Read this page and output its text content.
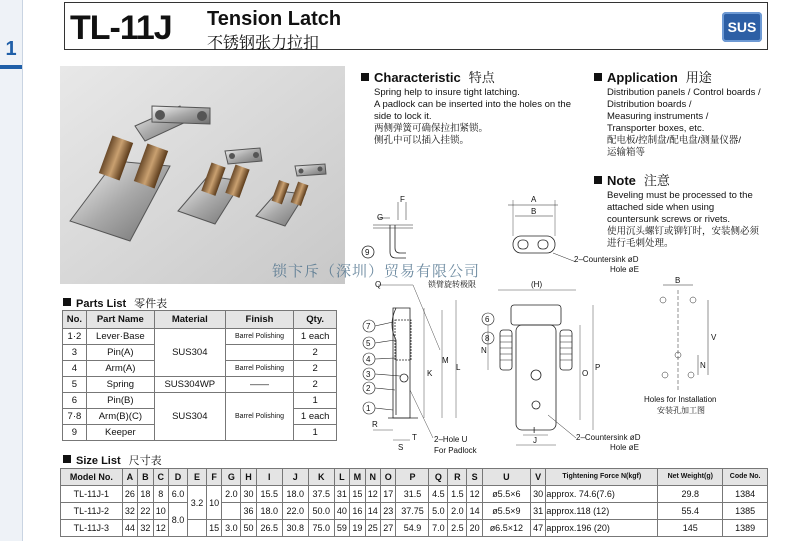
1
TL-11J Tension Latch
不锈钢张力拉扣
SUS
锁卞斥（深圳）贸易有限公司
Characteristic 特点
Spring help to insure tight latching.
A padlock can be inserted into the holes on the
side to lock it.
两侧弹簧可确保拉扣紧锁。
侧孔中可以插入挂锁。
Application 用途
Distribution panels / Control boards /
Distribution boards /
Measuring instruments /
Transporter boxes, etc.
配电板/控制盘/配电盘/测量仪器/
运输箱等
Note 注意
Beveling must be processed to the
attached side when using
countersunk screws or rivets.
使用沉头螺钉或铆钉时，安装侧必须
进行毛刺处理。
G
F
9
A
B
2–Countersink øD
Hole øE
Q	锁臂旋转极限
M
L
K
R
S
T 2–Hole U
For Padlock
7
5
4
3
2
1
6
8
(H)
N
O
P
J
I
2–Countersink øD
Hole øE
B
V
N
Holes for Installation
安装孔加工图
Parts List 零件表
No.	Part Name	Material	Finish	Qty.
1·2	Lever·Base	SUS304	Barrel Polishing	1 each
3	Pin(A)			2
4	Arm(A)		Barrel Polishing	2
5	Spring	SUS304WP	——	2
6	Pin(B)	SUS304	Barrel Polishing	1
7·8	Arm(B)(C)			1 each
9	Keeper			1
Size List 尺寸表
Model No.	A	B	C	D	E	F	G	H	I	J	K	L	M	N	O	P	Q	R	S	U	V	Tightening Force N(kgf)	Net Weight(g)	Code No.
TL-11J-1	26	18	8	6.0	3.2	10	2.0	30	15.5	18.0	37.5	31	15	12	17	31.5	4.5	1.5	12	ø5.5×6	30	approx. 74.6(7.6)	29.8	1384
TL-11J-2	32	22	10	8.0				36	18.0	22.0	50.0	40	16	14	23	37.75	5.0	2.0	14	ø5.5×9	31	approx.118 (12)	55.4	1385
TL-11J-3	44	32	12			15	3.0	50	26.5	30.8	75.0	59	19	25	27	54.9	7.0	2.5	20	ø6.5×12	47	approx.196 (20)	145	1389
